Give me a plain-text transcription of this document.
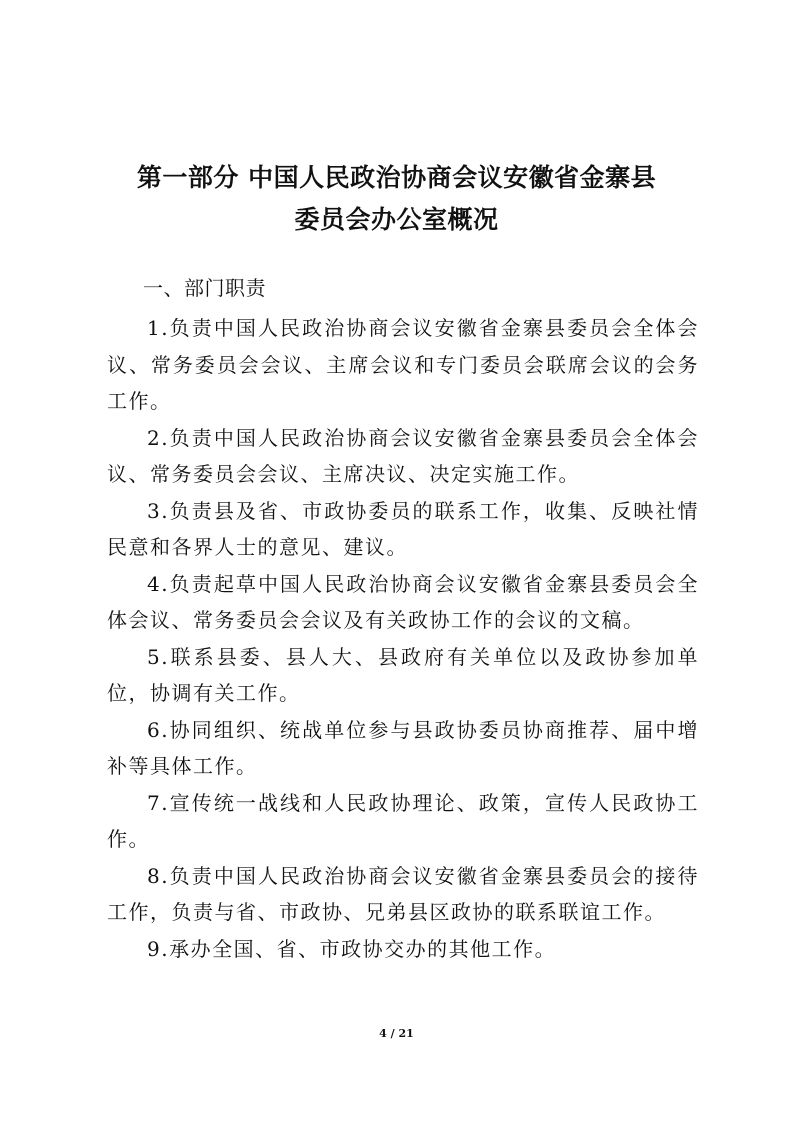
第一部分 中国人民政治协商会议安徽省金寨县
委员会办公室概况
一、部门职责

1.负责中国人民政治协商会议安徽省金寨县委员会全体会议、常务委员会会议、主席会议和专门委员会联席会议的会务工作。

2.负责中国人民政治协商会议安徽省金寨县委员会全体会议、常务委员会会议、主席决议、决定实施工作。

3.负责县及省、市政协委员的联系工作，收集、反映社情民意和各界人士的意见、建议。

4.负责起草中国人民政治协商会议安徽省金寨县委员会全体会议、常务委员会会议及有关政协工作的会议的文稿。

5.联系县委、县人大、县政府有关单位以及政协参加单位，协调有关工作。

6.协同组织、统战单位参与县政协委员协商推荐、届中增补等具体工作。

7.宣传统一战线和人民政协理论、政策，宣传人民政协工作。

8.负责中国人民政治协商会议安徽省金寨县委员会的接待工作，负责与省、市政协、兄弟县区政协的联系联谊工作。

9.承办全国、省、市政协交办的其他工作。

4 / 21
